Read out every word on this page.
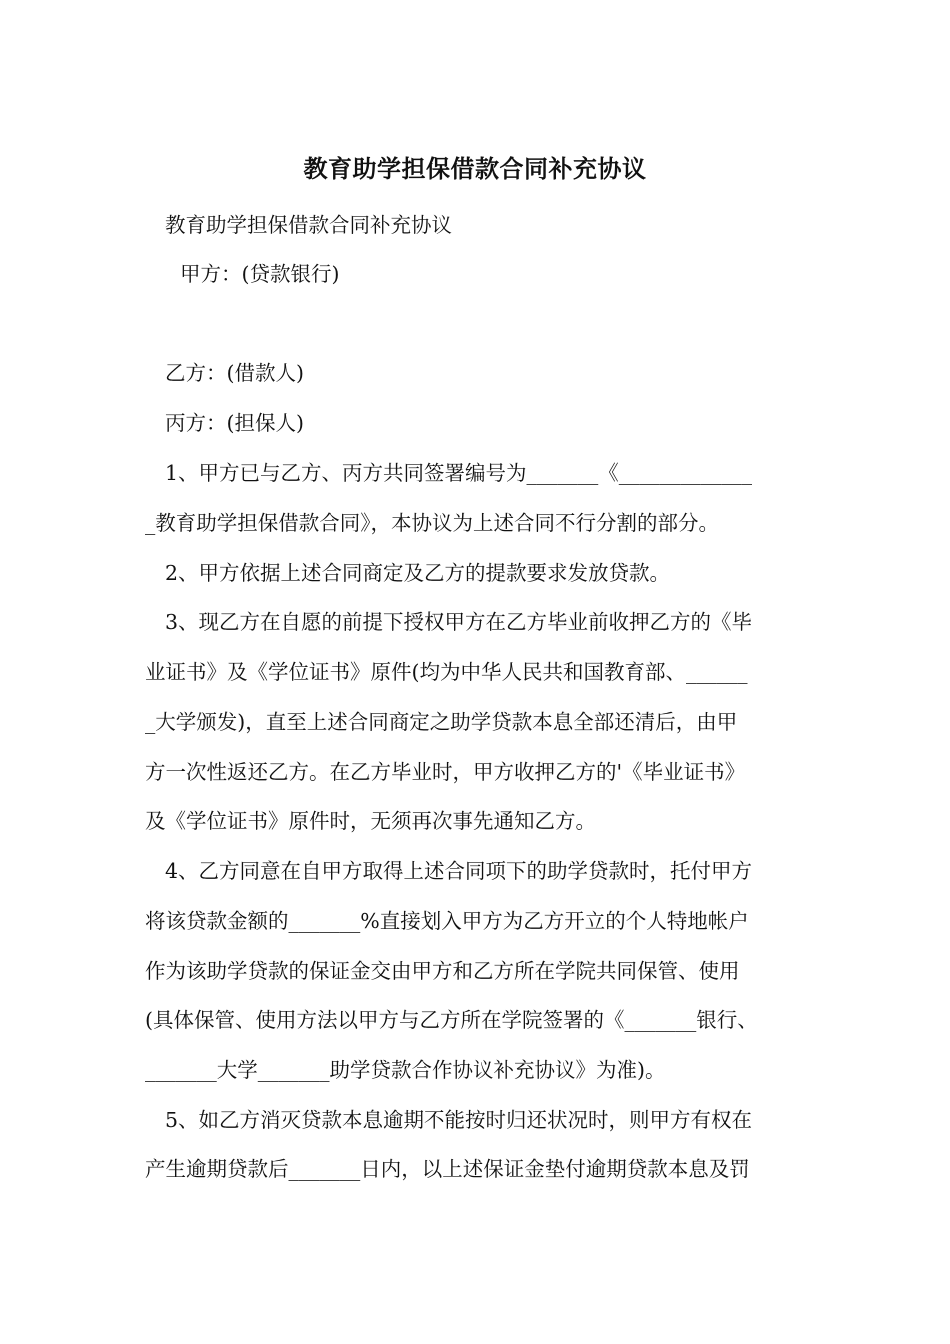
教育助学担保借款合同补充协议
教育助学担保借款合同补充协议
甲方：(贷款银行)
乙方：(借款人)
丙方：(担保人)
1、甲方已与乙方、丙方共同签署编号为_______《_____________
_教育助学担保借款合同》，本协议为上述合同不行分割的部分。
2、甲方依据上述合同商定及乙方的提款要求发放贷款。
3、现乙方在自愿的前提下授权甲方在乙方毕业前收押乙方的《毕
业证书》及《学位证书》原件(均为中华人民共和国教育部、______
_大学颁发)，直至上述合同商定之助学贷款本息全部还清后，由甲
方一次性返还乙方。在乙方毕业时，甲方收押乙方的'《毕业证书》
及《学位证书》原件时，无须再次事先通知乙方。
4、乙方同意在自甲方取得上述合同项下的助学贷款时，托付甲方
将该贷款金额的_______%直接划入甲方为乙方开立的个人特地帐户
作为该助学贷款的保证金交由甲方和乙方所在学院共同保管、使用
(具体保管、使用方法以甲方与乙方所在学院签署的《_______银行、
_______大学_______助学贷款合作协议补充协议》为准)。
5、如乙方消灭贷款本息逾期不能按时归还状况时，则甲方有权在
产生逾期贷款后_______日内，以上述保证金垫付逾期贷款本息及罚
